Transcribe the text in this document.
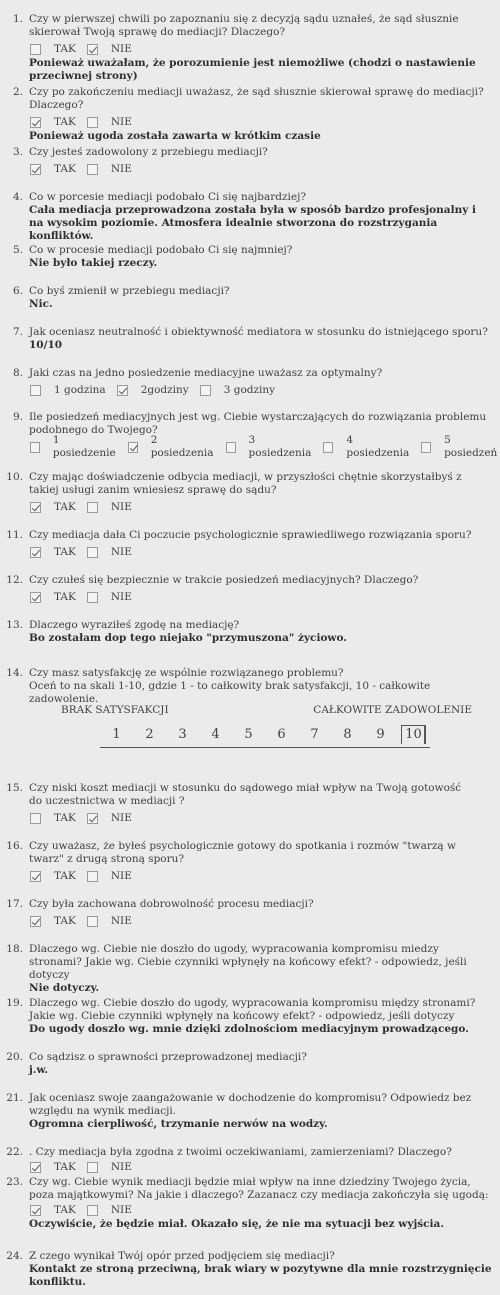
1. Czy w pierwszej chwili po zapoznaniu się z decyzją sądu uznałeś, że sąd słusznie skierował Twoją sprawę do mediacji? Dlaczego?
TAK	NIE
Ponieważ uważałam, że porozumienie jest niemożliwe (chodzi o nastawienie przeciwnej strony)
2. Czy po zakończeniu mediacji uważasz, że sąd słusznie skierował sprawę do mediacji? Dlaczego?
TAK	NIE
Ponieważ ugoda została zawarta w krótkim czasie
3. Czy jesteś zadowolony z przebiegu mediacji?
TAK	NIE
4. Co w porcesie mediacji podobało Ci się najbardziej?
Cała mediacja przeprowadzona została była w sposób bardzo profesjonalny i na wysokim poziomie. Atmosfera idealnie stworzona do rozstrzygania konfliktów.
5. Co w procesie mediacji podobało Ci się najmniej?
Nie było takiej rzeczy.
6. Co byś zmienił w przebiegu mediacji?
Nic.
7. Jak oceniasz neutralność i obiektywność mediatora w stosunku do istniejącego sporu?
10/10
8. Jaki czas na jedno posiedzenie mediacyjne uważasz za optymalny?
1 godzina	2godziny	3 godziny
9. Ile posiedzeń mediacyjnych jest wg. Ciebie wystarczających do rozwiązania problemu podobnego do Twojego?
1 posiedzenie
2 posiedzenia
3 posiedzenia
4 posiedzenia
5 posiedzeń
10. Czy mając doświadczenie odbycia mediacji, w przyszłości chętnie skorzystałbyś z takiej usługi zanim wniesiesz sprawę do sądu?
TAK	NIE
11. Czy mediacja dała Ci poczucie psychologicznie sprawiedliwego rozwiązania sporu?
TAK	NIE
12. Czy czułeś się bezpiecznie w trakcie posiedzeń mediacyjnych? Dlaczego?
TAK	NIE
13. Dlaczego wyraziłeś zgodę na mediację?
Bo zostałam dop tego niejako "przymuszona" życiowo.
14. Czy masz satysfakcję ze wspólnie rozwiązanego problemu?
Oceń to na skali 1-10, gdzie 1 - to całkowity brak satysfakcji, 10 - całkowite zadowolenie.
BRAK SATYSFAKCJI	CAŁKOWITE ZADOWOLENIE
1	2	3	4	5	6	7	8	9	10
15. Czy niski koszt mediacji w stosunku do sądowego miał wpływ na Twoją gotowość do uczestnictwa w mediacji ?
TAK	NIE
16. Czy uważasz, że byłeś psychologicznie gotowy do spotkania i rozmów "twarzą w twarz" z drugą stroną sporu?
TAK	NIE
17. Czy była zachowana dobrowolność procesu mediacji?
TAK	NIE
18. Dlaczego wg. Ciebie nie doszło do ugody, wypracowania kompromisu miedzy stronami? Jakie wg. Ciebie czynniki wpłynęły na końcowy efekt? - odpowiedz, jeśli dotyczy
Nie dotyczy.
19. Dlaczego wg. Ciebie doszło do ugody, wypracowania kompromisu między stronami? Jakie wg. Ciebie czynniki wpłynęły na końcowy efekt? - odpowiedz, jeśli dotyczy
Do ugody doszło wg. mnie dzięki zdolnościom mediacyjnym prowadzącego.
20. Co sądzisz o sprawności przeprowadzonej mediacji?
j.w.
21. Jak oceniasz swoje zaangażowanie w dochodzenie do kompromisu? Odpowiedz bez względu na wynik mediacji.
Ogromna cierpliwość, trzymanie nerwów na wodzy.
22. . Czy mediacja była zgodna z twoimi oczekiwaniami, zamierzeniami? Dlaczego?
TAK	NIE
23. Czy wg. Ciebie wynik mediacji będzie miał wpływ na inne dziedziny Twojego życia, poza majątkowymi? Na jakie i dlaczego? Zazanacz czy mediacja zakończyła się ugodą:
TAK	NIE
Oczywiście, że będzie miał. Okazało się, że nie ma sytuacji bez wyjścia.
24. Z czego wynikał Twój opór przed podjęciem się mediacji?
Kontakt ze stroną przeciwną, brak wiary w pozytywne dla mnie rozstrzygnięcie konfliktu.
